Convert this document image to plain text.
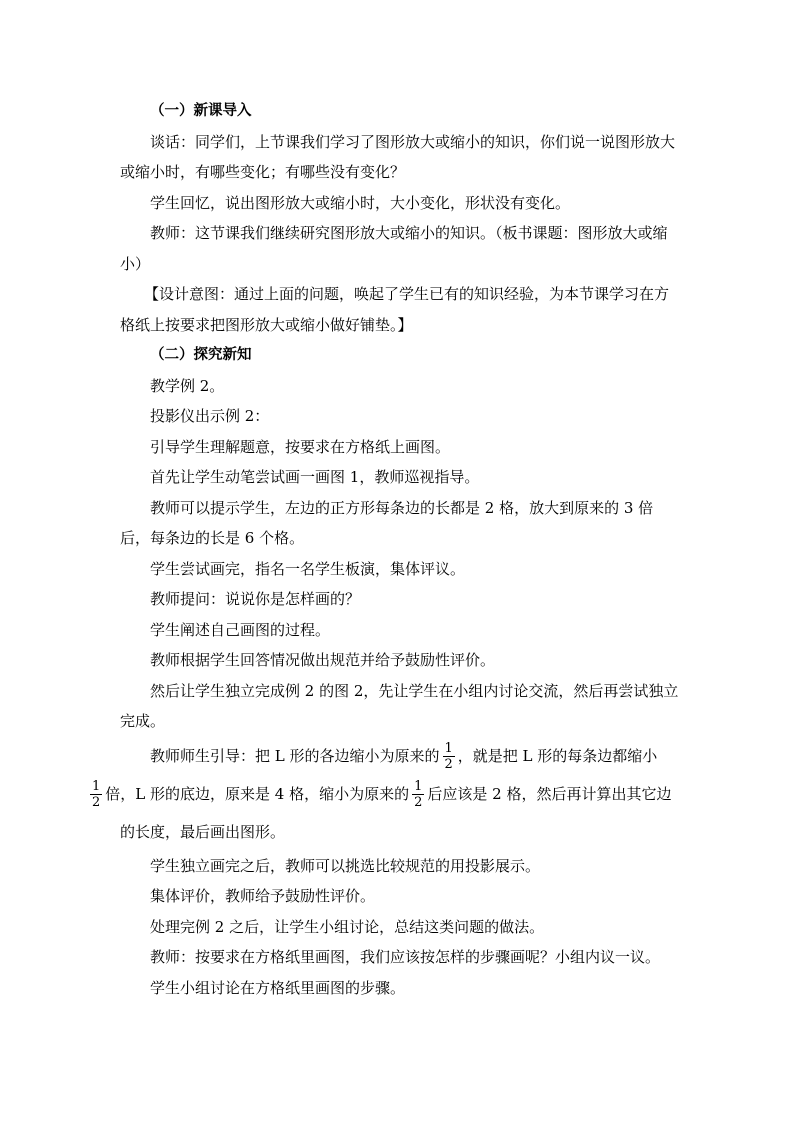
（一）新课导入

谈话：同学们，上节课我们学习了图形放大或缩小的知识，你们说一说图形放大或缩小时，有哪些变化；有哪些没有变化？

学生回忆，说出图形放大或缩小时，大小变化，形状没有变化。

教师：这节课我们继续研究图形放大或缩小的知识。（板书课题：图形放大或缩小）

【设计意图：通过上面的问题，唤起了学生已有的知识经验，为本节课学习在方格纸上按要求把图形放大或缩小做好铺垫。】

（二）探究新知

教学例 2。

投影仪出示例 2：

引导学生理解题意，按要求在方格纸上画图。

首先让学生动笔尝试画一画图 1，教师巡视指导。

教师可以提示学生，左边的正方形每条边的长都是 2 格，放大到原来的 3 倍后，每条边的长是 6 个格。

学生尝试画完，指名一名学生板演，集体评议。

教师提问：说说你是怎样画的？

学生阐述自己画图的过程。

教师根据学生回答情况做出规范并给予鼓励性评价。

然后让学生独立完成例 2 的图 2，先让学生在小组内讨论交流，然后再尝试独立完成。

教师师生引导：把 L 形的各边缩小为原来的 $\frac{1}{2}$ ，就是把 L 形的每条边都缩小

$\frac{1}{2}$ 倍，L 形的底边，原来是 4 格，缩小为原来的 $\frac{1}{2}$ 后应该是 2 格，然后再计算出其它边的长度，最后画出图形。

学生独立画完之后，教师可以挑选比较规范的用投影展示。

集体评价，教师给予鼓励性评价。

处理完例 2 之后，让学生小组讨论，总结这类问题的做法。

教师：按要求在方格纸里画图，我们应该按怎样的步骤画呢？小组内议一议。

学生小组讨论在方格纸里画图的步骤。
